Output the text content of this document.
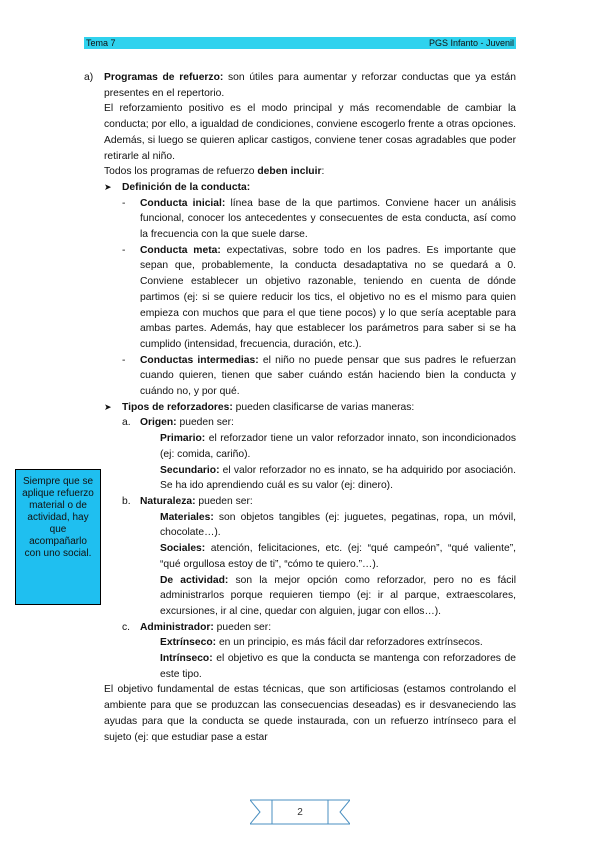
Tema 7	PGS Infanto - Juvenil
a) Programas de refuerzo: son útiles para aumentar y reforzar conductas que ya están presentes en el repertorio.
El reforzamiento positivo es el modo principal y más recomendable de cambiar la conducta; por ello, a igualdad de condiciones, conviene escogerlo frente a otras opciones. Además, si luego se quieren aplicar castigos, conviene tener cosas agradables que poder retirarle al niño.
Todos los programas de refuerzo deben incluir:
➤ Definición de la conducta:
- Conducta inicial: línea base de la que partimos. Conviene hacer un análisis funcional, conocer los antecedentes y consecuentes de esta conducta, así como la frecuencia con la que suele darse.
- Conducta meta: expectativas, sobre todo en los padres. Es importante que sepan que, probablemente, la conducta desadaptativa no se quedará a 0. Conviene establecer un objetivo razonable, teniendo en cuenta de dónde partimos (ej: si se quiere reducir los tics, el objetivo no es el mismo para quien empieza con muchos que para el que tiene pocos) y lo que sería aceptable para ambas partes. Además, hay que establecer los parámetros para saber si se ha cumplido (intensidad, frecuencia, duración, etc.).
- Conductas intermedias: el niño no puede pensar que sus padres le refuerzan cuando quieren, tienen que saber cuándo están haciendo bien la conducta y cuándo no, y por qué.
➤ Tipos de reforzadores: pueden clasificarse de varias maneras:
a. Origen: pueden ser:
Primario: el reforzador tiene un valor reforzador innato, son incondicionados (ej: comida, cariño).
Secundario: el valor reforzador no es innato, se ha adquirido por asociación. Se ha ido aprendiendo cuál es su valor (ej: dinero).
b. Naturaleza: pueden ser:
Materiales: son objetos tangibles (ej: juguetes, pegatinas, ropa, un móvil, chocolate…).
Sociales: atención, felicitaciones, etc. (ej: “qué campeón”, “qué valiente”, “qué orgullosa estoy de ti”, “cómo te quiero.”…).
De actividad: son la mejor opción como reforzador, pero no es fácil administrarlos porque requieren tiempo (ej: ir al parque, extraescolares, excursiones, ir al cine, quedar con alguien, jugar con ellos…).
c. Administrador: pueden ser:
Extrínseco: en un principio, es más fácil dar reforzadores extrínsecos.
Intrínseco: el objetivo es que la conducta se mantenga con reforzadores de este tipo.
El objetivo fundamental de estas técnicas, que son artificiosas (estamos controlando el ambiente para que se produzcan las consecuencias deseadas) es ir desvaneciendo las ayudas para que la conducta se quede instaurada, con un refuerzo intrínseco para el sujeto (ej: que estudiar pase a estar
Siempre que se aplique refuerzo material o de actividad, hay que acompañarlo con uno social.
2
